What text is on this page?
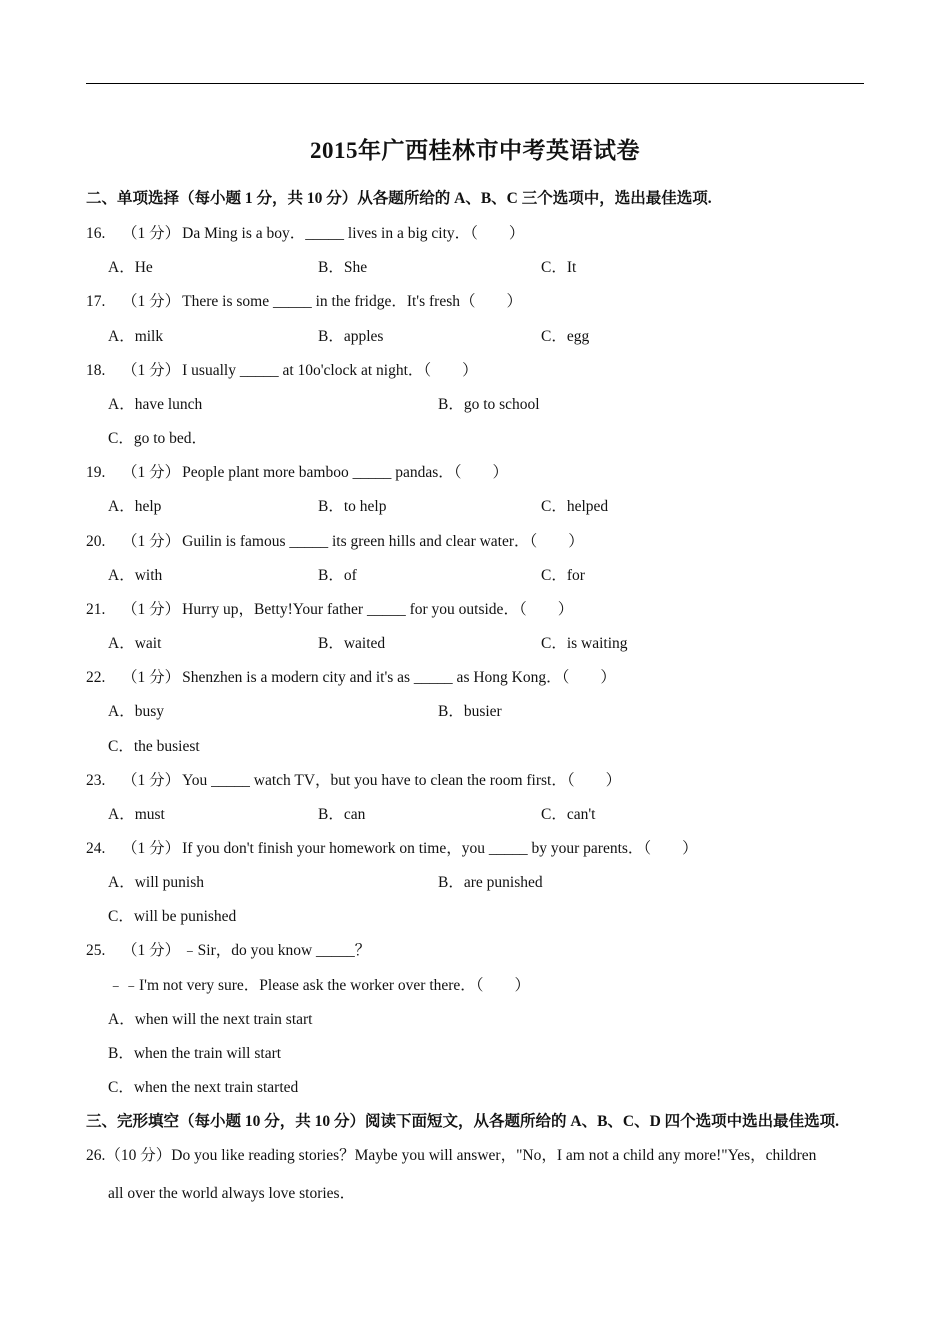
2015年广西桂林市中考英语试卷
二、单项选择（每小题 1 分，共 10 分）从各题所给的 A、B、C 三个选项中，选出最佳选项.
16. （1 分） Da Ming is a boy．_____ lives in a big city．（　　）
A．He	B．She	C．It
17. （1 分） There is some _____ in the fridge．It's fresh（　　）
A．milk	B．apples	C．egg
18. （1 分） I usually _____ at 10o'clock at night．（　　）
A．have lunch	B．go to school
C．go to bed．
19. （1 分） People plant more bamboo _____ pandas．（　　）
A．help	B．to help	C．helped
20. （1 分） Guilin is famous _____ its green hills and clear water．（　　）
A．with	B．of	C．for
21. （1 分） Hurry up，Betty!Your father _____ for you outside．（　　）
A．wait	B．waited	C．is waiting
22. （1 分） Shenzhen is a modern city and it's as _____ as Hong Kong．（　　）
A．busy	B．busier
C．the busiest
23. （1 分） You _____ watch TV，but you have to clean the room first．（　　）
A．must	B．can	C．can't
24. （1 分） If you don't finish your homework on time，you _____ by your parents．（　　）
A．will punish	B．are punished
C．will be punished
25. （1 分） ﹣Sir，do you know _____？
﹣﹣I'm not very sure．Please ask the worker over there．（　　）
A．when will the next train start
B．when the train will start
C．when the next train started
三、完形填空（每小题 10 分，共 10 分）阅读下面短文，从各题所给的 A、B、C、D 四个选项中选出最佳选项.
26.（10 分）Do you like reading stories？Maybe you will answer，"No，I am not a child any more!"Yes，children
all over the world always love stories．
